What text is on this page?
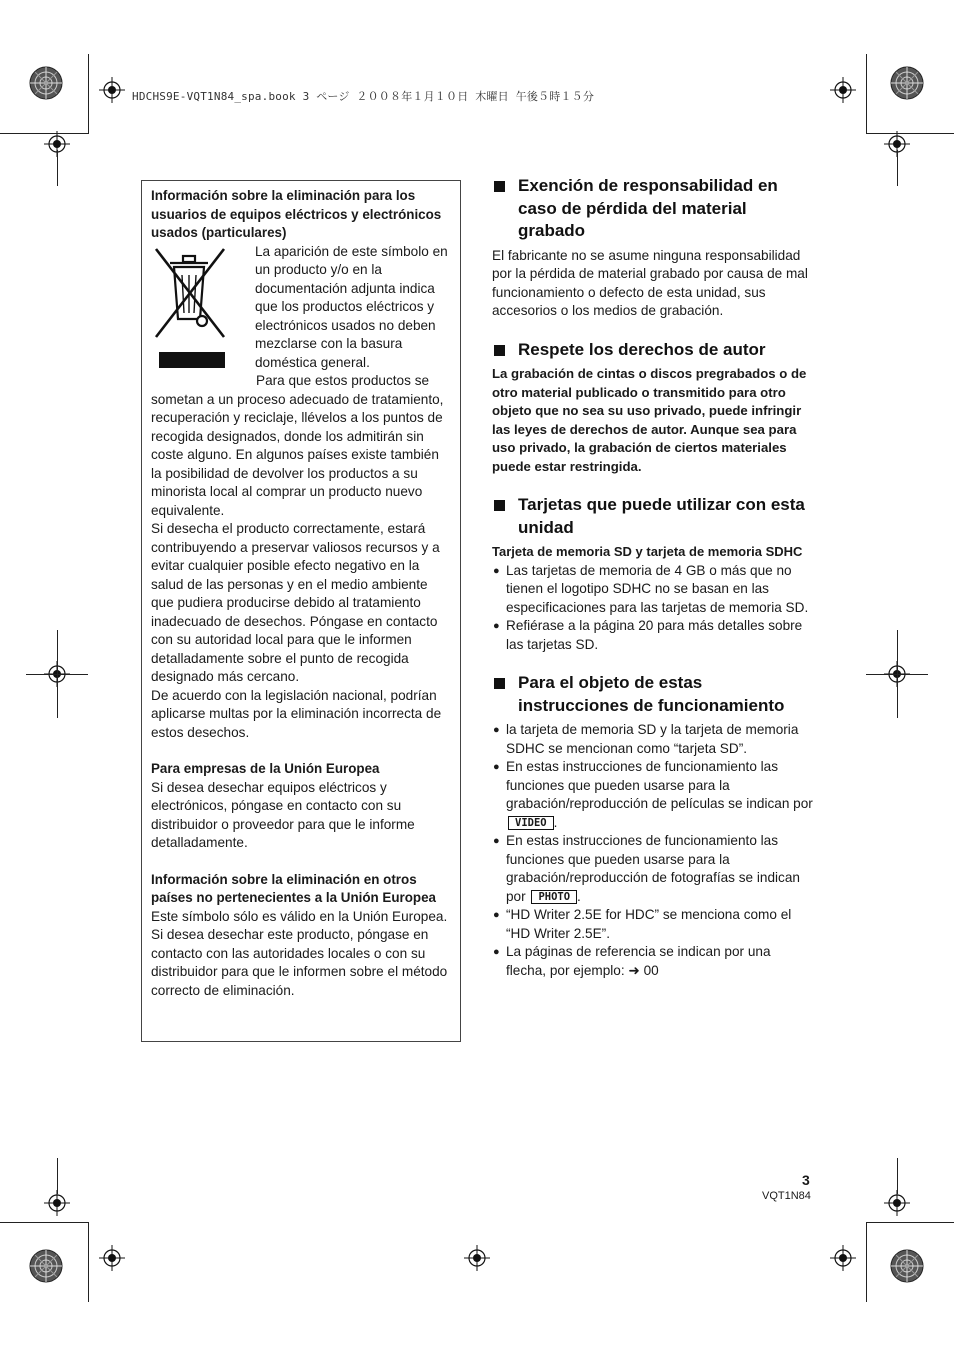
HDCHS9E-VQT1N84_spa.book 3 ページ ２００８年１月１０日 木曜日 午後５時１５分

Información sobre la eliminación para los usuarios de equipos eléctricos y electrónicos usados (particulares)

La aparición de este símbolo en un producto y/o en la documentación adjunta indica que los productos eléctricos y electrónicos usados no deben mezclarse con la basura doméstica general.

Para que estos productos se sometan a un proceso adecuado de tratamiento, recuperación y reciclaje, llévelos a los puntos de recogida designados, donde los admitirán sin coste alguno. En algunos países existe también la posibilidad de devolver los productos a su minorista local al comprar un producto nuevo equivalente.

Si desecha el producto correctamente, estará contribuyendo a preservar valiosos recursos y a evitar cualquier posible efecto negativo en la salud de las personas y en el medio ambiente que pudiera producirse debido al tratamiento inadecuado de desechos. Póngase en contacto con su autoridad local para que le informen detalladamente sobre el punto de recogida designado más cercano.

De acuerdo con la legislación nacional, podrían aplicarse multas por la eliminación incorrecta de estos desechos.

Para empresas de la Unión Europea

Si desea desechar equipos eléctricos y electrónicos, póngase en contacto con su distribuidor o proveedor para que le informe detalladamente.

Información sobre la eliminación en otros países no pertenecientes a la Unión Europea

Este símbolo sólo es válido en la Unión Europea.

Si desea desechar este producto, póngase en contacto con las autoridades locales o con su distribuidor para que le informen sobre el método correcto de eliminación.

Exención de responsabilidad en caso de pérdida del material grabado

El fabricante no se asume ninguna responsabilidad por la pérdida de material grabado por causa de mal funcionamiento o defecto de esta unidad, sus accesorios o los medios de grabación.

Respete los derechos de autor

La grabación de cintas o discos pregrabados o de otro material publicado o transmitido para otro objeto que no sea su uso privado, puede infringir las leyes de derechos de autor. Aunque sea para uso privado, la grabación de ciertos materiales puede estar restringida.

Tarjetas que puede utilizar con esta unidad

Tarjeta de memoria SD y tarjeta de memoria SDHC

● Las tarjetas de memoria de 4 GB o más que no tienen el logotipo SDHC no se basan en las especificaciones para las tarjetas de memoria SD.
● Refiérase a la página 20 para más detalles sobre las tarjetas SD.
Para el objeto de estas instrucciones de funcionamiento
● la tarjeta de memoria SD y la tarjeta de memoria SDHC se mencionan como “tarjeta SD”.
● En estas instrucciones de funcionamiento las funciones que pueden usarse para la grabación/reproducción de películas se indican por VIDEO .
● En estas instrucciones de funcionamiento las funciones que pueden usarse para la grabación/reproducción de fotografías se indican por PHOTO .
● “HD Writer 2.5E for HDC” se menciona como el “HD Writer 2.5E”.
● La páginas de referencia se indican por una flecha, por ejemplo: ➜ 00
3
VQT1N84
